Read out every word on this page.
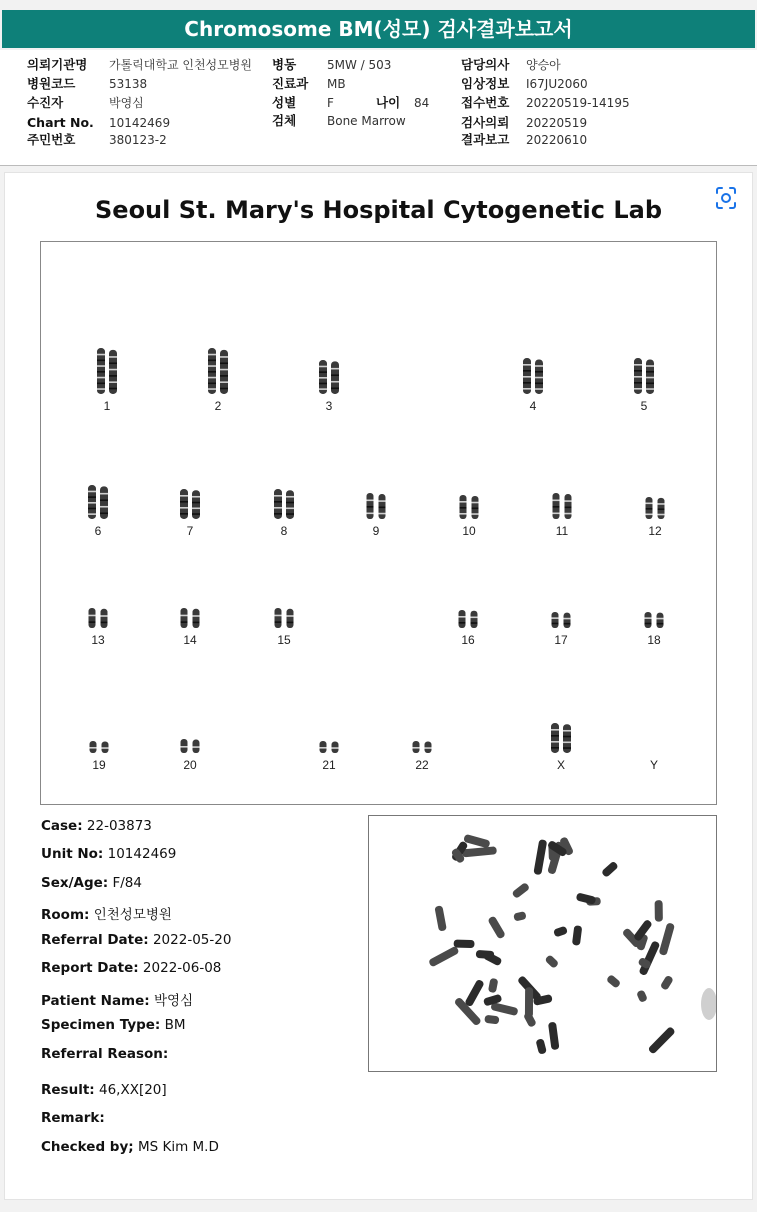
Chromosome BM(성모) 검사결과보고서
의뢰기관명 가톨릭대학교 인천성모병원
병원코드	53138
수진자	박영심
Chart No. 10142469
주민번호	380123-2
병동	5MW / 503
진료과 MB
성별	F	나이 84
검체	Bone Marrow
담당의사 양승아
임상정보 I67JU2060
접수번호 20220519-14195
검사의뢰 20220519
결과보고 20220610
Seoul St. Mary's Hospital Cytogenetic Lab
1	2	3	4	5
6	7	8	9	10	11	12
13	14	15	16	17	18
19	20	21	22	X	Y
Case: 22-03873
Unit No: 10142469
Sex/Age: F/84
Room: 인천성모병원
Referral Date: 2022-05-20
Report Date: 2022-06-08
Patient Name: 박영심
Specimen Type: BM
Referral Reason:
Result: 46,XX[20]
Remark:
Checked by; MS Kim M.D
